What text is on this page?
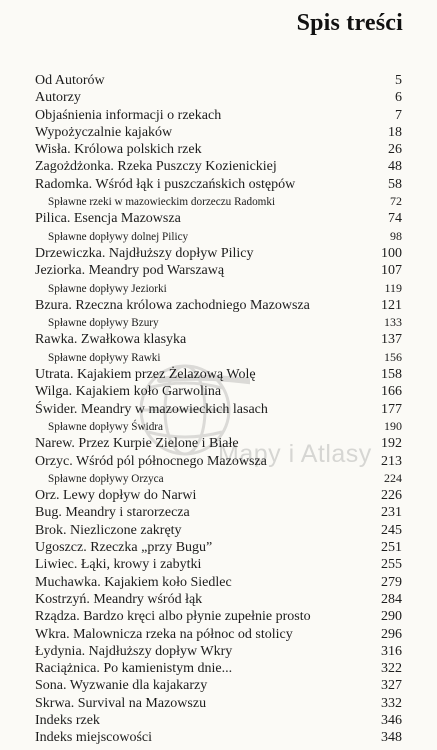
Spis treści
Mapy i Atlasy
Od Autorów	5
Autorzy	6
Objaśnienia informacji o rzekach	7
Wypożyczalnie kajaków	18
Wisła. Królowa polskich rzek	26
Zagożdżonka. Rzeka Puszczy Kozienickiej	48
Radomka. Wśród łąk i puszczańskich ostępów	58
Spławne rzeki w mazowieckim dorzeczu Radomki	72
Pilica. Esencja Mazowsza	74
Spławne dopływy dolnej Pilicy	98
Drzewiczka. Najdłuższy dopływ Pilicy	100
Jeziorka. Meandry pod Warszawą	107
Spławne dopływy Jeziorki	119
Bzura. Rzeczna królowa zachodniego Mazowsza	121
Spławne dopływy Bzury	133
Rawka. Zwałkowa klasyka	137
Spławne dopływy Rawki	156
Utrata. Kajakiem przez Żelazową Wolę	158
Wilga. Kajakiem koło Garwolina	166
Świder. Meandry w mazowieckich lasach	177
Spławne dopływy Świdra	190
Narew. Przez Kurpie Zielone i Białe	192
Orzyc. Wśród pól północnego Mazowsza	213
Spławne dopływy Orzyca	224
Orz. Lewy dopływ do Narwi	226
Bug. Meandry i starorzecza	231
Brok. Niezliczone zakręty	245
Ugoszcz. Rzeczka „przy Bugu”	251
Liwiec. Łąki, krowy i zabytki	255
Muchawka. Kajakiem koło Siedlec	279
Kostrzyń. Meandry wśród łąk	284
Rządza. Bardzo kręci albo płynie zupełnie prosto	290
Wkra. Malownicza rzeka na północ od stolicy	296
Łydynia. Najdłuższy dopływ Wkry	316
Raciążnica. Po kamienistym dnie...	322
Sona. Wyzwanie dla kajakarzy	327
Skrwa. Survival na Mazowszu	332
Indeks rzek	346
Indeks miejscowości	348
